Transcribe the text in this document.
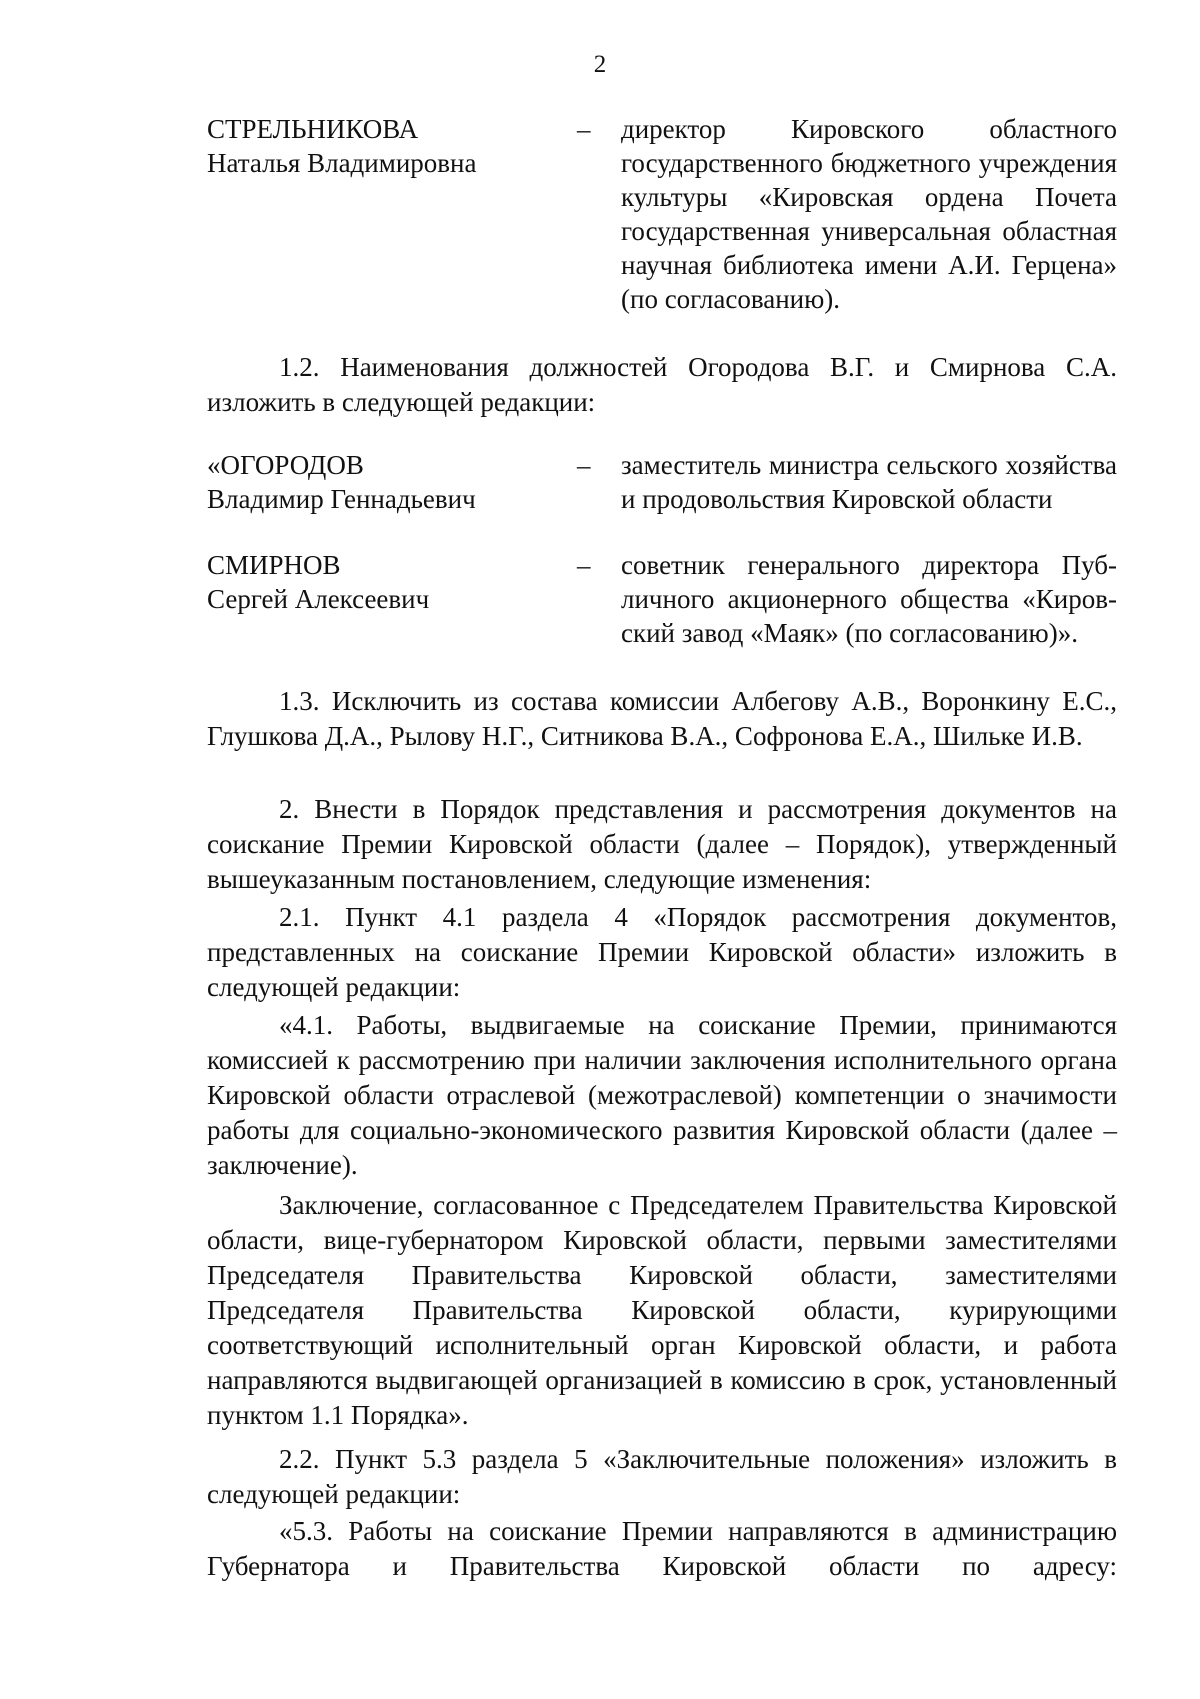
2
СТРЕЛЬНИКОВА
Наталья Владимировна
– директор Кировского областного государственного бюджетного учреждения культуры «Кировская ордена Почета государственная универсальная областная научная библиотека имени А.И. Герцена» (по согласованию).
1.2. Наименования должностей Огородова В.Г. и Смирнова С.А. изложить в следующей редакции:
«ОГОРОДОВ
Владимир Геннадьевич
– заместитель министра сельского хозяйства и продовольствия Кировской области
СМИРНОВ
Сергей Алексеевич
– советник генерального директора Публичного акционерного общества «Кировский завод «Маяк» (по согласованию)».
1.3. Исключить из состава комиссии Албегову А.В., Воронкину Е.С., Глушкова Д.А., Рылову Н.Г., Ситникова В.А., Софронова Е.А., Шильке И.В.
2. Внести в Порядок представления и рассмотрения документов на соискание Премии Кировской области (далее – Порядок), утвержденный вышеуказанным постановлением, следующие изменения:
2.1. Пункт 4.1 раздела 4 «Порядок рассмотрения документов, представленных на соискание Премии Кировской области» изложить в следующей редакции:
«4.1. Работы, выдвигаемые на соискание Премии, принимаются комиссией к рассмотрению при наличии заключения исполнительного органа Кировской области отраслевой (межотраслевой) компетенции о значимости работы для социально-экономического развития Кировской области (далее – заключение).
Заключение, согласованное с Председателем Правительства Кировской области, вице-губернатором Кировской области, первыми заместителями Председателя Правительства Кировской области, заместителями Председателя Правительства Кировской области, курирующими соответствующий исполнительный орган Кировской области, и работа направляются выдвигающей организацией в комиссию в срок, установленный пунктом 1.1 Порядка».
2.2. Пункт 5.3 раздела 5 «Заключительные положения» изложить в следующей редакции:
«5.3. Работы на соискание Премии направляются в администрацию Губернатора и Правительства Кировской области по адресу:
